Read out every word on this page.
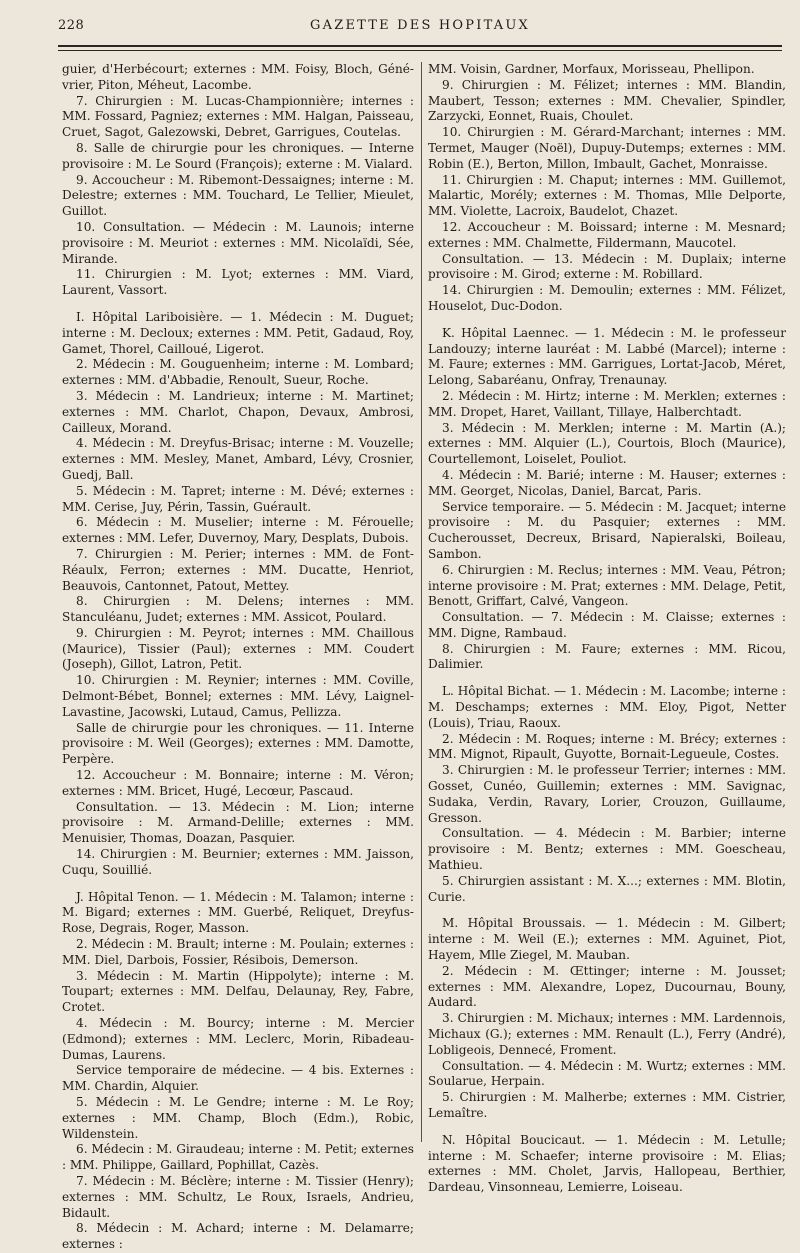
228	GAZETTE DES HOPITAUX

guier, d'Herbécourt; externes : MM. Foisy, Bloch, Géné-vrier, Piton, Méheut, Lacombe.

7. Chirurgien : M. Lucas-Championnière; internes : MM. Fossard, Pagniez; externes : MM. Halgan, Paisseau, Cruet, Sagot, Galezowski, Debret, Garrigues, Coutelas.

8. Salle de chirurgie pour les chroniques. — Interne provisoire : M. Le Sourd (François); externe : M. Vialard.

9. Accoucheur : M. Ribemont-Dessaignes; interne : M. Delestre; externes : MM. Touchard, Le Tellier, Mieulet, Guillot.

10. Consultation. — Médecin : M. Launois; interne provisoire : M. Meuriot : externes : MM. Nicolaïdi, Sée, Mirande.

11. Chirurgien : M. Lyot; externes : MM. Viard, Laurent, Vassort.

I. Hôpital Lariboisière. — 1. Médecin : M. Duguet; interne : M. Decloux; externes : MM. Petit, Gadaud, Roy, Gamet, Thorel, Cailloué, Ligerot.

2. Médecin : M. Gouguenheim; interne : M. Lombard; externes : MM. d'Abbadie, Renoult, Sueur, Roche.

3. Médecin : M. Landrieux; interne : M. Martinet; externes : MM. Charlot, Chapon, Devaux, Ambrosi, Cailleux, Morand.

4. Médecin : M. Dreyfus-Brisac; interne : M. Vouzelle; externes : MM. Mesley, Manet, Ambard, Lévy, Crosnier, Guedj, Ball.

5. Médecin : M. Tapret; interne : M. Dévé; externes : MM. Cerise, Juy, Périn, Tassin, Guérault.

6. Médecin : M. Muselier; interne : M. Férouelle; externes : MM. Lefer, Duvernoy, Mary, Desplats, Dubois.

7. Chirurgien : M. Perier; internes : MM. de Font-Réaulx, Ferron; externes : MM. Ducatte, Henriot, Beauvois, Cantonnet, Patout, Mettey.

8. Chirurgien : M. Delens; internes : MM. Stanculéanu, Judet; externes : MM. Assicot, Poulard.

9. Chirurgien : M. Peyrot; internes : MM. Chaillous (Maurice), Tissier (Paul); externes : MM. Coudert (Joseph), Gillot, Latron, Petit.

10. Chirurgien : M. Reynier; internes : MM. Coville, Delmont-Bébet, Bonnel; externes : MM. Lévy, Laignel-Lavastine, Jacowski, Lutaud, Camus, Pellizza.

Salle de chirurgie pour les chroniques. — 11. Interne provisoire : M. Weil (Georges); externes : MM. Damotte, Perpère.

12. Accoucheur : M. Bonnaire; interne : M. Véron; externes : MM. Bricet, Hugé, Lecœur, Pascaud.

Consultation. — 13. Médecin : M. Lion; interne provisoire : M. Armand-Delille; externes : MM. Menuisier, Thomas, Doazan, Pasquier.

14. Chirurgien : M. Beurnier; externes : MM. Jaisson, Cuqu, Souillié.

J. Hôpital Tenon. — 1. Médecin : M. Talamon; interne : M. Bigard; externes : MM. Guerbé, Reliquet, Dreyfus-Rose, Degrais, Roger, Masson.

2. Médecin : M. Brault; interne : M. Poulain; externes : MM. Diel, Darbois, Fossier, Résibois, Demerson.

3. Médecin : M. Martin (Hippolyte); interne : M. Toupart; externes : MM. Delfau, Delaunay, Rey, Fabre, Crotet.

4. Médecin : M. Bourcy; interne : M. Mercier (Edmond); externes : MM. Leclerc, Morin, Ribadeau-Dumas, Laurens.

Service temporaire de médecine. — 4 bis. Externes : MM. Chardin, Alquier.

5. Médecin : M. Le Gendre; interne : M. Le Roy; externes : MM. Champ, Bloch (Edm.), Robic, Wildenstein.

6. Médecin : M. Giraudeau; interne : M. Petit; externes : MM. Philippe, Gaillard, Pophillat, Cazès.

7. Médecin : M. Béclère; interne : M. Tissier (Henry); externes : MM. Schultz, Le Roux, Israels, Andrieu, Bidault.

8. Médecin : M. Achard; interne : M. Delamarre; externes :

MM. Voisin, Gardner, Morfaux, Morisseau, Phellipon.

9. Chirurgien : M. Félizet; internes : MM. Blandin, Maubert, Tesson; externes : MM. Chevalier, Spindler, Zarzycki, Eonnet, Ruais, Choulet.

10. Chirurgien : M. Gérard-Marchant; internes : MM. Termet, Mauger (Noël), Dupuy-Dutemps; externes : MM. Robin (E.), Berton, Millon, Imbault, Gachet, Monraisse.

11. Chirurgien : M. Chaput; internes : MM. Guillemot, Malartic, Morély; externes : M. Thomas, Mlle Delporte, MM. Violette, Lacroix, Baudelot, Chazet.

12. Accoucheur : M. Boissard; interne : M. Mesnard; externes : MM. Chalmette, Fildermann, Maucotel.

Consultation. — 13. Médecin : M. Duplaix; interne provisoire : M. Girod; externe : M. Robillard.

14. Chirurgien : M. Demoulin; externes : MM. Félizet, Houselot, Duc-Dodon.

K. Hôpital Laennec. — 1. Médecin : M. le professeur Landouzy; interne lauréat : M. Labbé (Marcel); interne : M. Faure; externes : MM. Garrigues, Lortat-Jacob, Méret, Lelong, Sabaréanu, Onfray, Trenaunay.

2. Médecin : M. Hirtz; interne : M. Merklen; externes : MM. Dropet, Haret, Vaillant, Tillaye, Halberchtadt.

3. Médecin : M. Merklen; interne : M. Martin (A.); externes : MM. Alquier (L.), Courtois, Bloch (Maurice), Courtellemont, Loiselet, Pouliot.

4. Médecin : M. Barié; interne : M. Hauser; externes : MM. Georget, Nicolas, Daniel, Barcat, Paris.

Service temporaire. — 5. Médecin : M. Jacquet; interne provisoire : M. du Pasquier; externes : MM. Cucherousset, Decreux, Brisard, Napieralski, Boileau, Sambon.

6. Chirurgien : M. Reclus; internes : MM. Veau, Pétron; interne provisoire : M. Prat; externes : MM. Delage, Petit, Benott, Griffart, Calvé, Vangeon.

Consultation. — 7. Médecin : M. Claisse; externes : MM. Digne, Rambaud.

8. Chirurgien : M. Faure; externes : MM. Ricou, Dalimier.

L. Hôpital Bichat. — 1. Médecin : M. Lacombe; interne : M. Deschamps; externes : MM. Eloy, Pigot, Netter (Louis), Triau, Raoux.

2. Médecin : M. Roques; interne : M. Brécy; externes : MM. Mignot, Ripault, Guyotte, Bornait-Legueule, Costes.

3. Chirurgien : M. le professeur Terrier; internes : MM. Gosset, Cunéo, Guillemin; externes : MM. Savignac, Sudaka, Verdin, Ravary, Lorier, Crouzon, Guillaume, Gresson.

Consultation. — 4. Médecin : M. Barbier; interne provisoire : M. Bentz; externes : MM. Goescheau, Mathieu.

5. Chirurgien assistant : M. X...; externes : MM. Blotin, Curie.

M. Hôpital Broussais. — 1. Médecin : M. Gilbert; interne : M. Weil (E.); externes : MM. Aguinet, Piot, Hayem, Mlle Ziegel, M. Mauban.

2. Médecin : M. Œttinger; interne : M. Jousset; externes : MM. Alexandre, Lopez, Ducournau, Bouny, Audard.

3. Chirurgien : M. Michaux; internes : MM. Lardennois, Michaux (G.); externes : MM. Renault (L.), Ferry (André), Lobligeois, Dennecé, Froment.

Consultation. — 4. Médecin : M. Wurtz; externes : MM. Soularue, Herpain.

5. Chirurgien : M. Malherbe; externes : MM. Cistrier, Lemaître.

N. Hôpital Boucicaut. — 1. Médecin : M. Letulle; interne : M. Schaefer; interne provisoire : M. Elias; externes : MM. Cholet, Jarvis, Hallopeau, Berthier, Dardeau, Vinsonneau, Lemierre, Loiseau.
